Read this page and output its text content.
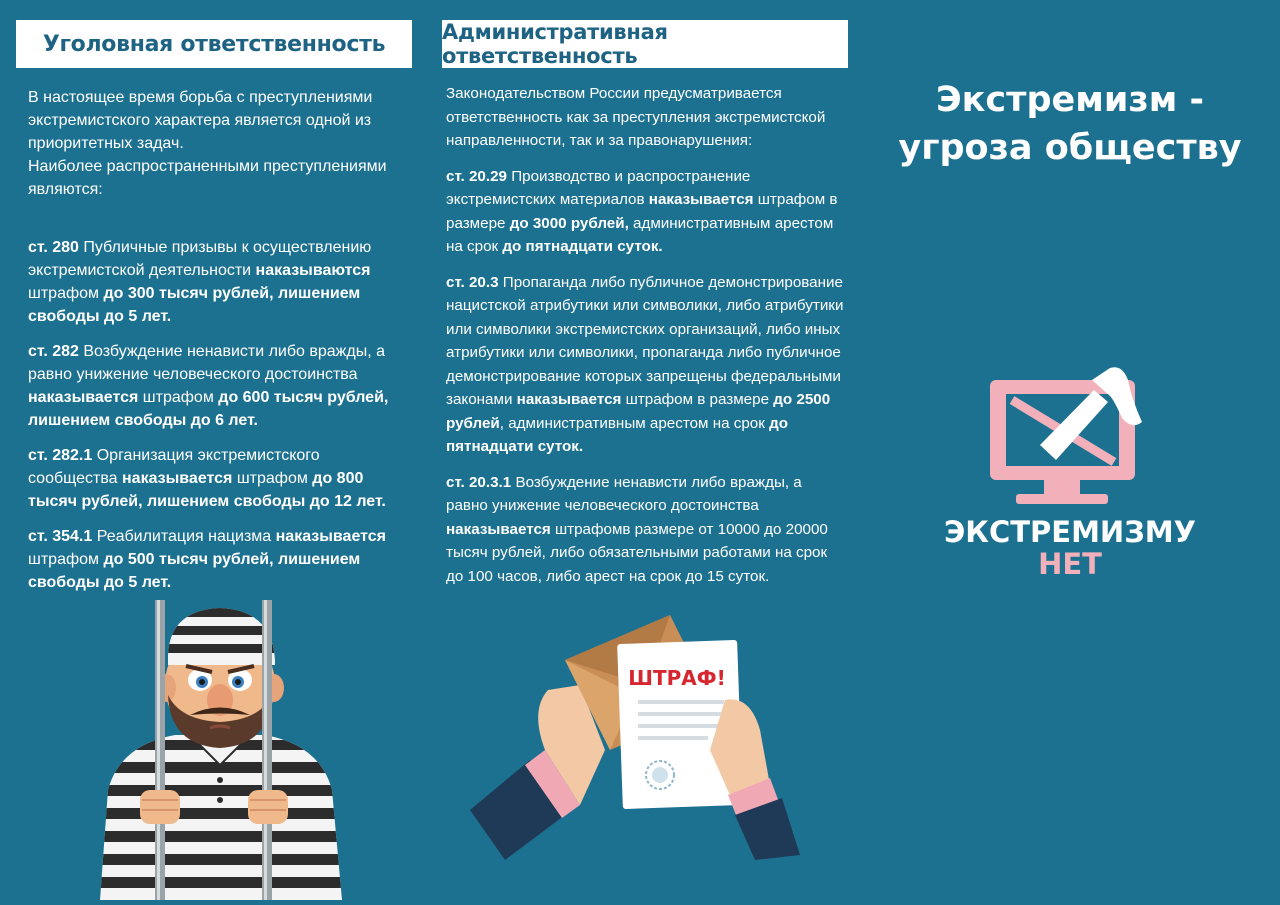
Уголовная ответственность

В настоящее время борьба с преступлениями экстремистского характера является одной из приоритетных задач.

Наиболее распространенными преступлениями являются:

ст. 280 Публичные призывы к осуществлению экстремистской деятельности наказываются штрафом до 300 тысяч рублей, лишением свободы до 5 лет.

ст. 282 Возбуждение ненависти либо вражды, а равно унижение человеческого достоинства наказывается штрафом до 600 тысяч рублей, лишением свободы до 6 лет.

ст. 282.1 Организация экстремистского сообщества наказывается штрафом до 800 тысяч рублей, лишением свободы до 12 лет.

ст. 354.1 Реабилитация нацизма наказывается штрафом до 500 тысяч рублей, лишением свободы до 5 лет.

Административная ответственность

Законодательством России предусматривается ответственность как за преступления экстремистской направленности, так и за правонарушения:

ст. 20.29 Производство и распространение экстремистских материалов наказывается штрафом в размере до 3000 рублей, административным арестом на срок до пятнадцати суток.

ст. 20.3 Пропаганда либо публичное демонстрирование нацистской атрибутики или символики, либо атрибутики или символики экстремистских организаций, либо иных атрибутики или символики, пропаганда либо публичное демонстрирование которых запрещены федеральными законами наказывается штрафом в размере до 2500 рублей, административным арестом на срок до пятнадцати суток.

ст. 20.3.1 Возбуждение ненависти либо вражды, а равно унижение человеческого достоинства наказывается штрафомв размере от 10000 до 20000 тысяч рублей, либо обязательными работами на срок до 100 часов, либо арест на срок до 15 суток.

ШТРАФ!
Экстремизм -
угроза обществу
ЭКСТРЕМИЗМУ
НЕТ
